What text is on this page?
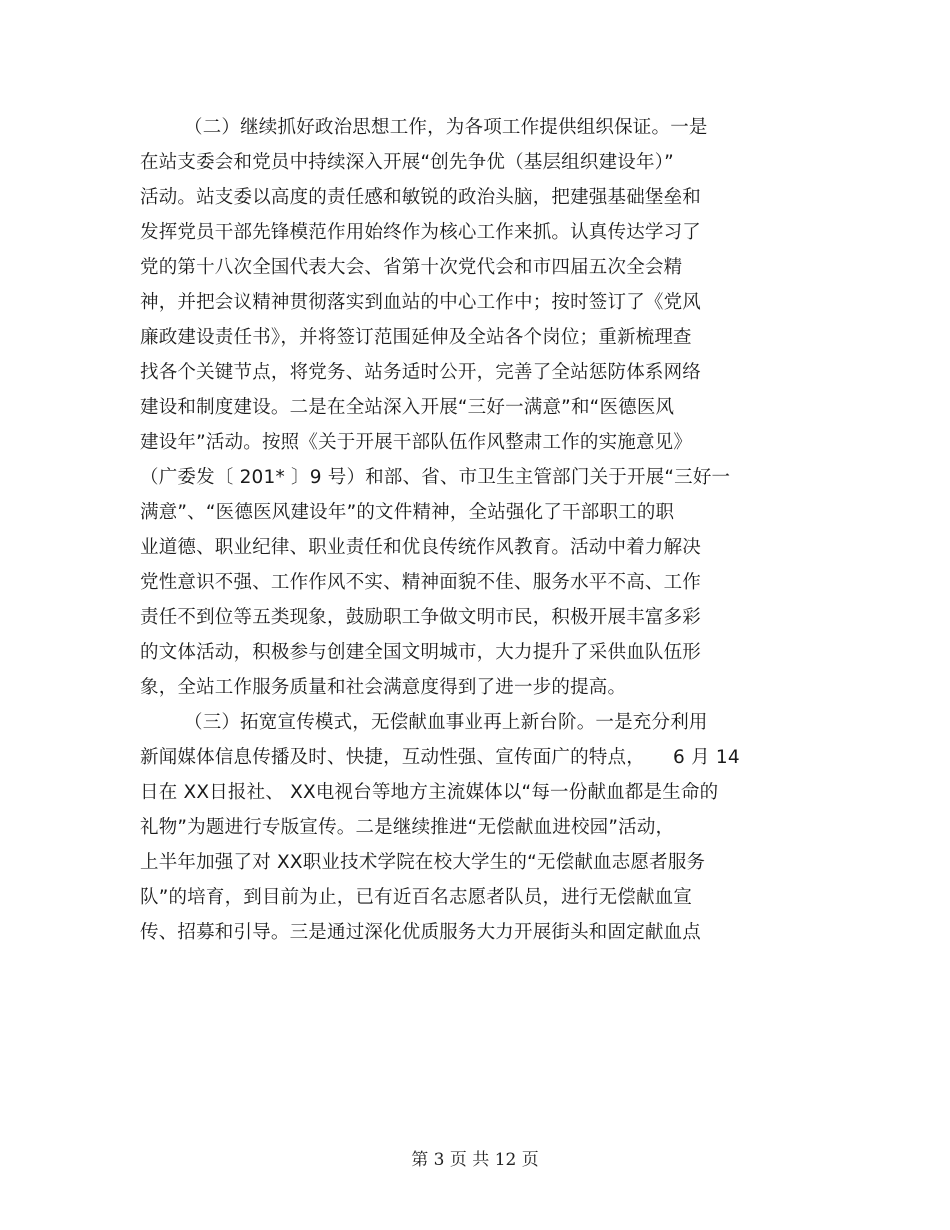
（二）继续抓好政治思想工作，为各项工作提供组织保证。一是
在站支委会和党员中持续深入开展“创先争优（基层组织建设年）”
活动。站支委以高度的责任感和敏锐的政治头脑，把建强基础堡垒和
发挥党员干部先锋模范作用始终作为核心工作来抓。认真传达学习了
党的第十八次全国代表大会、省第十次党代会和市四届五次全会精
神，并把会议精神贯彻落实到血站的中心工作中；按时签订了《党风
廉政建设责任书》，并将签订范围延伸及全站各个岗位；重新梳理查
找各个关键节点，将党务、站务适时公开，完善了全站惩防体系网络
建设和制度建设。二是在全站深入开展“三好一满意”和“医德医风
建设年”活动。按照《关于开展干部队伍作风整肃工作的实施意见》
（广委发〔 201* 〕9 号）和部、省、市卫生主管部门关于开展“三好一
满意”、“医德医风建设年”的文件精神，全站强化了干部职工的职
业道德、职业纪律、职业责任和优良传统作风教育。活动中着力解决
党性意识不强、工作作风不实、精神面貌不佳、服务水平不高、工作
责任不到位等五类现象，鼓励职工争做文明市民，积极开展丰富多彩
的文体活动，积极参与创建全国文明城市，大力提升了采供血队伍形
象，全站工作服务质量和社会满意度得到了进一步的提高。
（三）拓宽宣传模式，无偿献血事业再上新台阶。一是充分利用
新闻媒体信息传播及时、快捷，互动性强、宣传面广的特点，　　6 月 14
日在 XX日报社、 XX电视台等地方主流媒体以“每一份献血都是生命的
礼物”为题进行专版宣传。二是继续推进“无偿献血进校园”活动，
上半年加强了对 XX职业技术学院在校大学生的“无偿献血志愿者服务
队”的培育，到目前为止，已有近百名志愿者队员，进行无偿献血宣
传、招募和引导。三是通过深化优质服务大力开展街头和固定献血点
第 3 页 共 12 页
